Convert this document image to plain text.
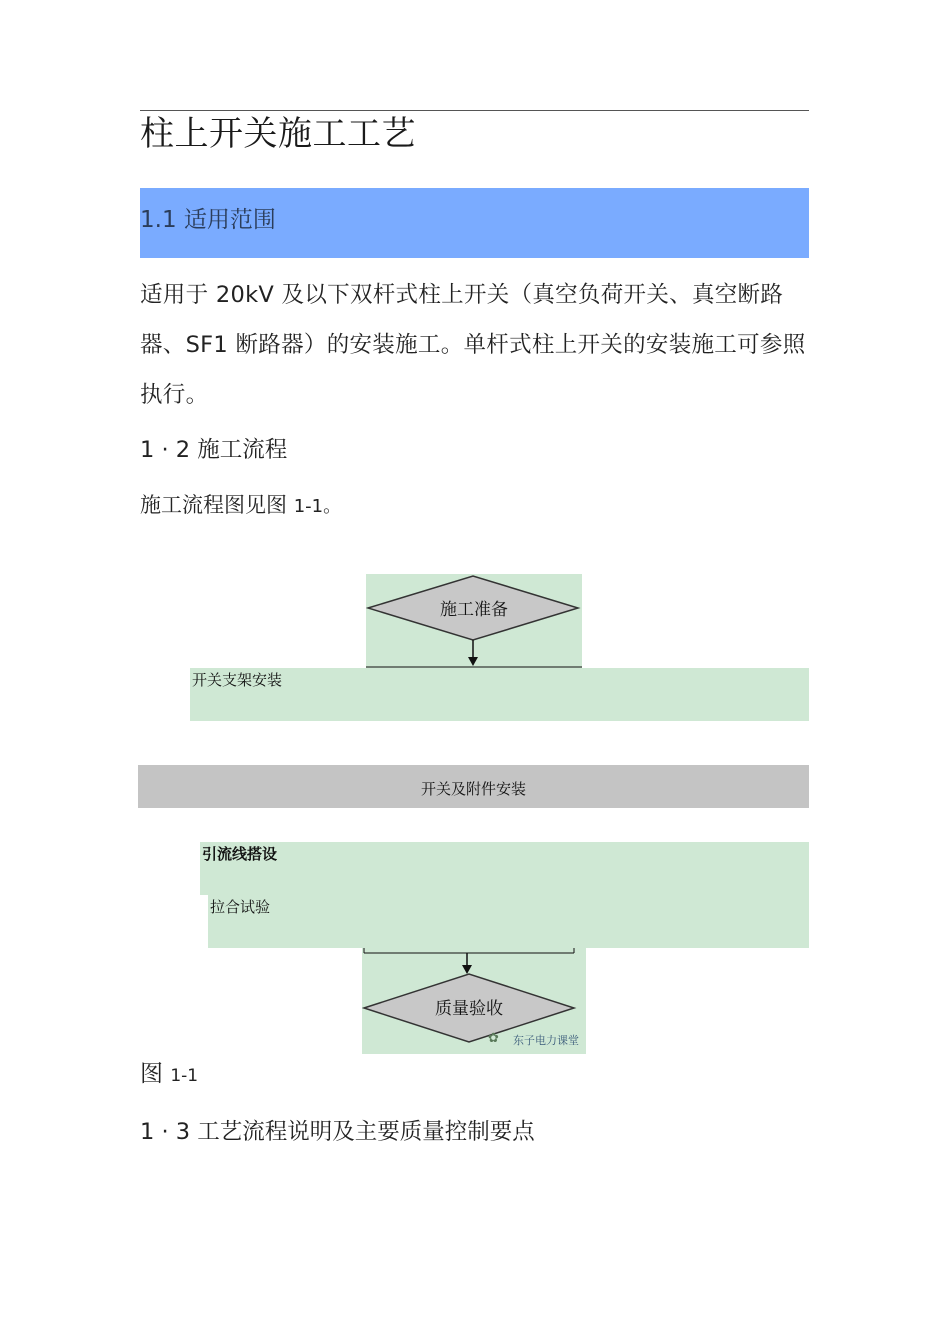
柱上开关施工工艺
1.1 适用范围
适用于 20kV 及以下双杆式柱上开关（真空负荷开关、真空断路器、SF1 断路器）的安装施工。单杆式柱上开关的安装施工可参照执行。
1 · 2 施工流程
施工流程图见图 1-1。
施工准备
开关支架安装
开关及附件安装
引流线搭设
拉合试验
✿
质量验收
东子电力课堂
图 1-1
1 · 3 工艺流程说明及主要质量控制要点
